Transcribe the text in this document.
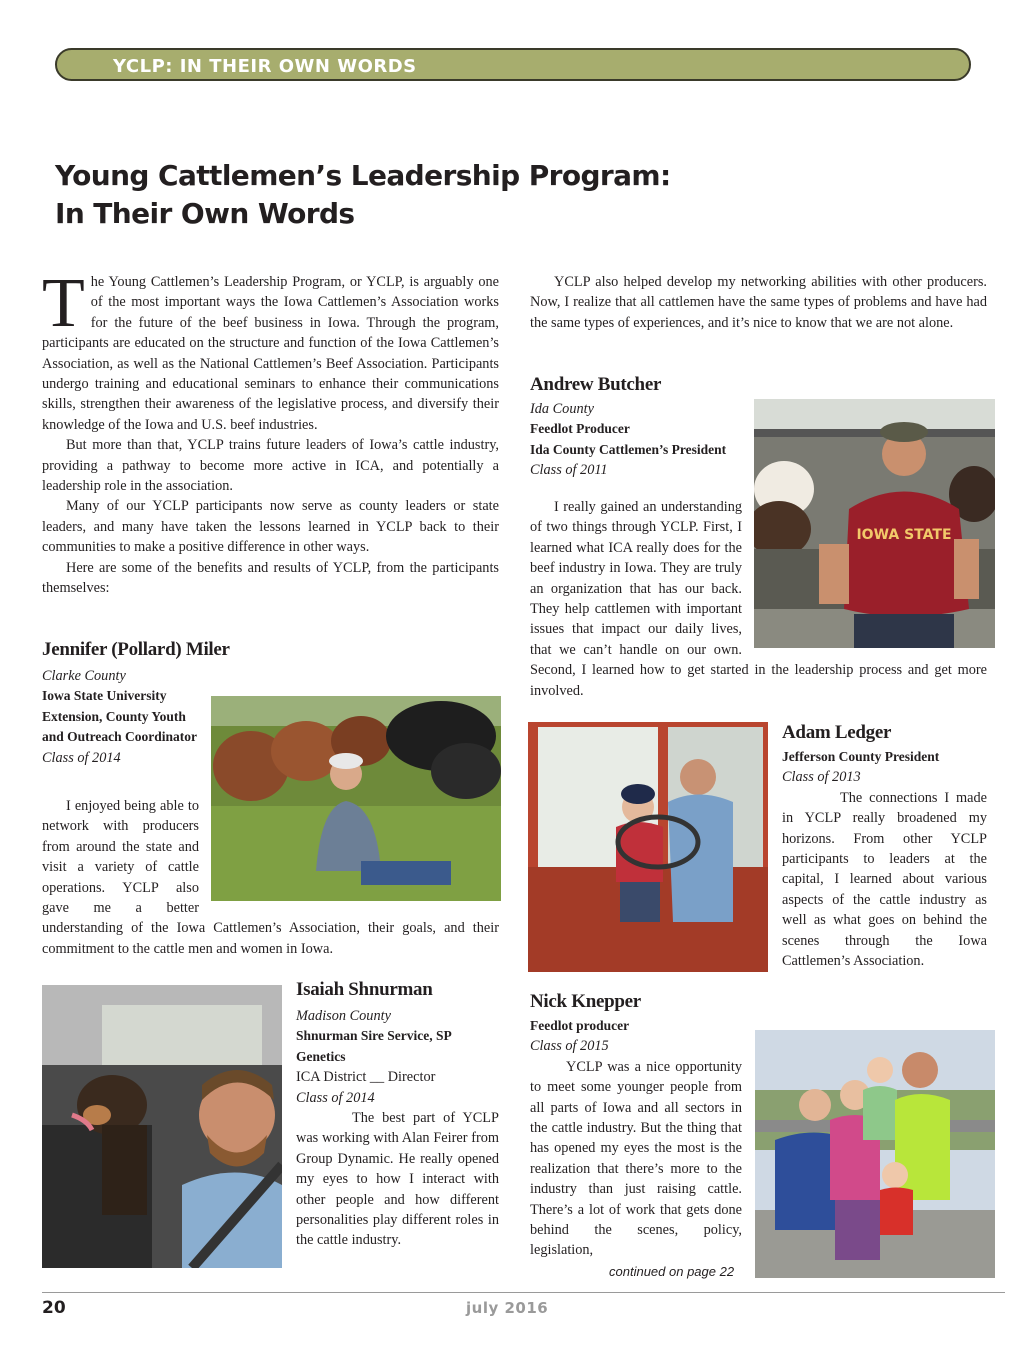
YCLP: IN THEIR OWN WORDS
Young Cattlemen’s Leadership Program:
In Their Own Words

The Young Cattlemen’s Leadership Program, or YCLP, is arguably one of the most important ways the Iowa Cattlemen’s Association works for the future of the beef business in Iowa. Through the program, participants are educated on the structure and function of the Iowa Cattlemen’s Association, as well as the National Cattlemen’s Beef Association. Participants undergo training and educational seminars to enhance their communications skills, strengthen their awareness of the legislative process, and diversify their knowledge of the Iowa and U.S. beef industries.

But more than that, YCLP trains future leaders of Iowa’s cattle industry, providing a pathway to become more active in ICA, and potentially a leadership role in the association.

Many of our YCLP participants now serve as county leaders or state leaders, and many have taken the lessons learned in YCLP back to their communities to make a positive difference in other ways.

Here are some of the benefits and results of YCLP, from the participants themselves:

YCLP also helped develop my networking abilities with other producers. Now, I realize that all cattlemen have the same types of problems and have had the same types of experiences, and it’s nice to know that we are not alone.

Jennifer (Pollard) Miler
Clarke County
Iowa State University Extension, County Youth and Outreach Coordinator
Class of 2014

I enjoyed being able to network with producers from around the state and visit a variety of cattle operations. YCLP also gave me a better understanding of the Iowa Cattlemen’s Association, their goals, and their commitment to the cattle men and women in Iowa.

Isaiah Shnurman
Madison County
Shnurman Sire Service, SP Genetics
ICA District __ Director
Class of 2014

The best part of YCLP was working with Alan Feirer from Group Dynamic. He really opened my eyes to how I interact with other people and how different personalities play different roles in the cattle industry.

Andrew Butcher
Ida County
Feedlot Producer
Ida County Cattlemen’s President
Class of 2011
IOWA STATE

I really gained an understanding of two things through YCLP. First, I learned what ICA really does for the beef industry in Iowa. They are truly an organization that has our back. They help cattlemen with important issues that impact our daily lives, that we can’t handle on our own. Second, I learned how to get started in the leadership process and get more involved.

Adam Ledger
Jefferson County President
Class of 2013

The connections I made in YCLP really broadened my horizons. From other YCLP participants to leaders at the capital, I learned about various aspects of the cattle industry as well as what goes on behind the scenes through the Iowa Cattlemen’s Association.

Nick Knepper
Feedlot producer
Class of 2015

YCLP was a nice opportunity to meet some younger people from all parts of Iowa and all sectors in the cattle industry. But the thing that has opened my eyes the most is the realization that there’s more to the industry than just raising cattle. There’s a lot of work that gets done behind the scenes, policy, legislation,

continued on page 22
20	july 2016
